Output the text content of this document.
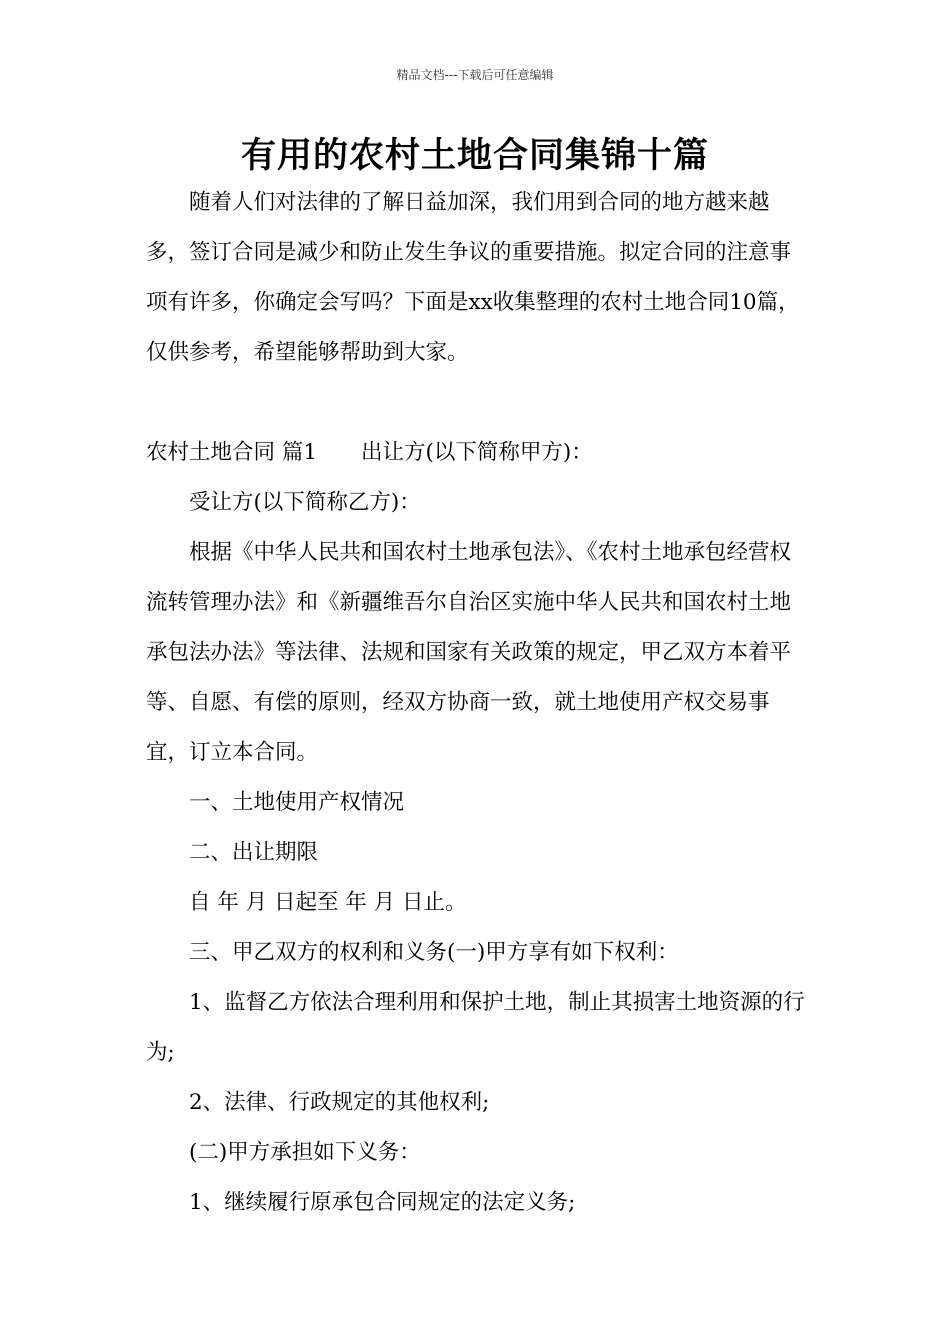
精品文档---下载后可任意编辑
有用的农村土地合同集锦十篇

随着人们对法律的了解日益加深，我们用到合同的地方越来越多，签订合同是减少和防止发生争议的重要措施。拟定合同的注意事项有许多，你确定会写吗？下面是xx收集整理的农村土地合同10篇，仅供参考，希望能够帮助到大家。

农村土地合同 篇1 出让方(以下简称甲方)：

受让方(以下简称乙方)：

根据《中华人民共和国农村土地承包法》、《农村土地承包经营权流转管理办法》和《新疆维吾尔自治区实施中华人民共和国农村土地承包法办法》等法律、法规和国家有关政策的规定，甲乙双方本着平等、自愿、有偿的原则，经双方协商一致，就土地使用产权交易事宜，订立本合同。

一、土地使用产权情况

二、出让期限

自 年 月 日起至 年 月 日止。

三、甲乙双方的权利和义务(一)甲方享有如下权利：

1、监督乙方依法合理利用和保护土地，制止其损害土地资源的行为;

2、法律、行政规定的其他权利;

(二)甲方承担如下义务：

1、继续履行原承包合同规定的法定义务;
